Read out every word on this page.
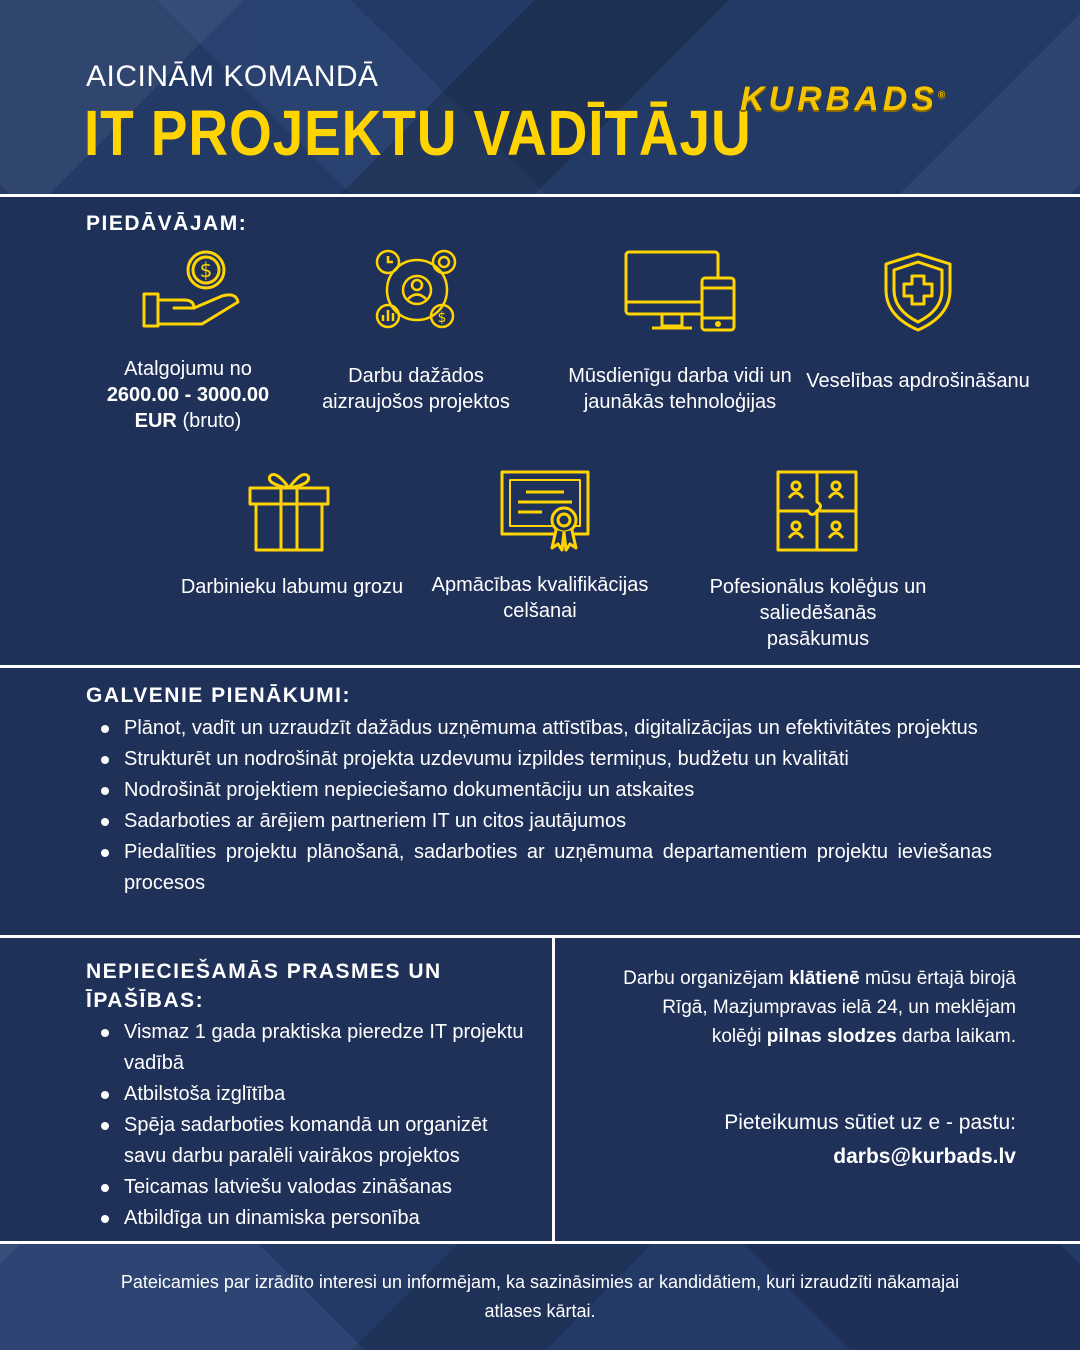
AICINĀM KOMANDĀ
IT PROJEKTU VADĪTĀJU
KURBADS®
PIEDĀVĀJAM:
$
$
Atalgojumu no
2600.00 - 3000.00
EUR (bruto)
Darbu dažādos aizraujošos projektos
Mūsdienīgu darba vidi un jaunākās tehnoloģijas
Veselības apdrošināšanu
Darbinieku labumu grozu	Apmācības kvalifikācijas celšanai
Pofesionālus kolēģus un saliedēšanās pasākumus
GALVENIE PIENĀKUMI:
Plānot, vadīt un uzraudzīt dažādus uzņēmuma attīstības, digitalizācijas un efektivitātes projektus
Strukturēt un nodrošināt projekta uzdevumu izpildes termiņus, budžetu un kvalitāti
Nodrošināt projektiem nepieciešamo dokumentāciju un atskaites
Sadarboties ar ārējiem partneriem IT un citos jautājumos
Piedalīties projektu plānošanā, sadarboties ar uzņēmuma departamentiem projektu ieviešanas procesos
NEPIECIEŠAMĀS PRASMES UN
ĪPAŠĪBAS:
Vismaz 1 gada praktiska pieredze IT projektu vadībā
Atbilstoša izglītība
Spēja sadarboties komandā un organizēt savu darbu paralēli vairākos projektos
Teicamas latviešu valodas zināšanas
Atbildīga un dinamiska personība
Darbu organizējam klātienē mūsu ērtajā birojā
Rīgā, Mazjumpravas ielā 24, un meklējam
kolēģi pilnas slodzes darba laikam.
Pieteikumus sūtiet uz e - pastu:
darbs@kurbads.lv
Pateicamies par izrādīto interesi un informējam, ka sazināsimies ar kandidātiem, kuri izraudzīti nākamajai atlases kārtai.
